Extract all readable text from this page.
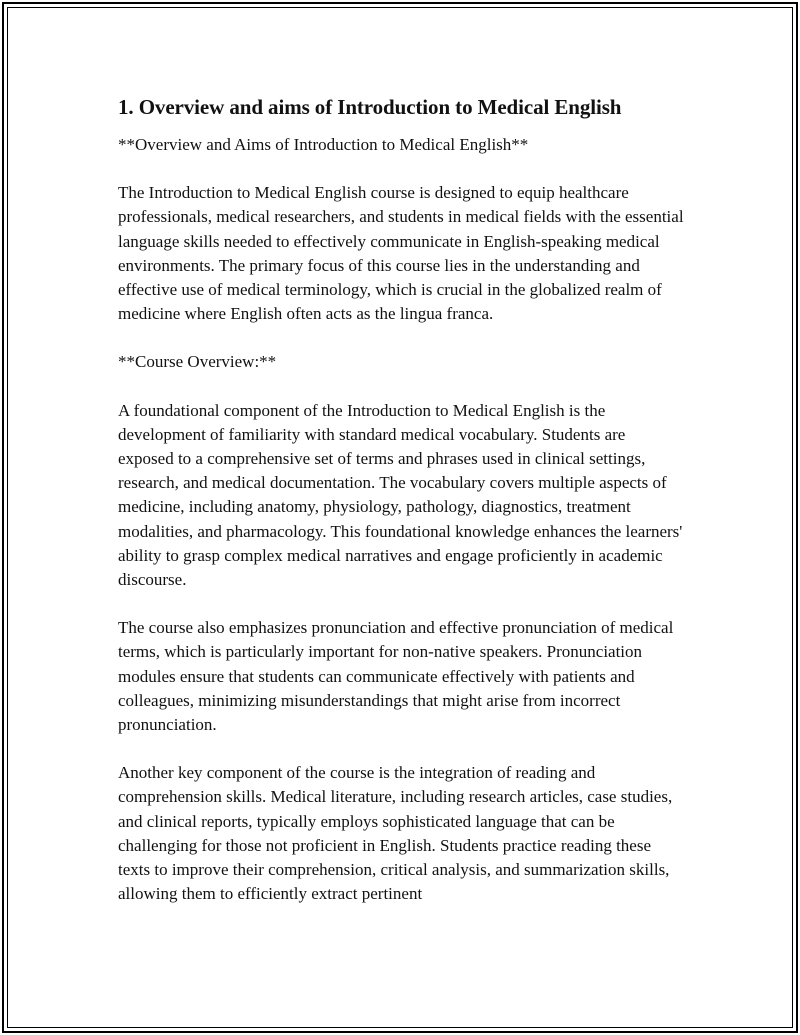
1. Overview and aims of Introduction to Medical English

**Overview and Aims of Introduction to Medical English**

The Introduction to Medical English course is designed to equip healthcare professionals, medical researchers, and students in medical fields with the essential language skills needed to effectively communicate in English-speaking medical environments. The primary focus of this course lies in the understanding and effective use of medical terminology, which is crucial in the globalized realm of medicine where English often acts as the lingua franca.

**Course Overview:**

A foundational component of the Introduction to Medical English is the development of familiarity with standard medical vocabulary. Students are exposed to a comprehensive set of terms and phrases used in clinical settings, research, and medical documentation. The vocabulary covers multiple aspects of medicine, including anatomy, physiology, pathology, diagnostics, treatment modalities, and pharmacology. This foundational knowledge enhances the learners' ability to grasp complex medical narratives and engage proficiently in academic discourse.

The course also emphasizes pronunciation and effective pronunciation of medical terms, which is particularly important for non-native speakers. Pronunciation modules ensure that students can communicate effectively with patients and colleagues, minimizing misunderstandings that might arise from incorrect pronunciation.

Another key component of the course is the integration of reading and comprehension skills. Medical literature, including research articles, case studies, and clinical reports, typically employs sophisticated language that can be challenging for those not proficient in English. Students practice reading these texts to improve their comprehension, critical analysis, and summarization skills, allowing them to efficiently extract pertinent
